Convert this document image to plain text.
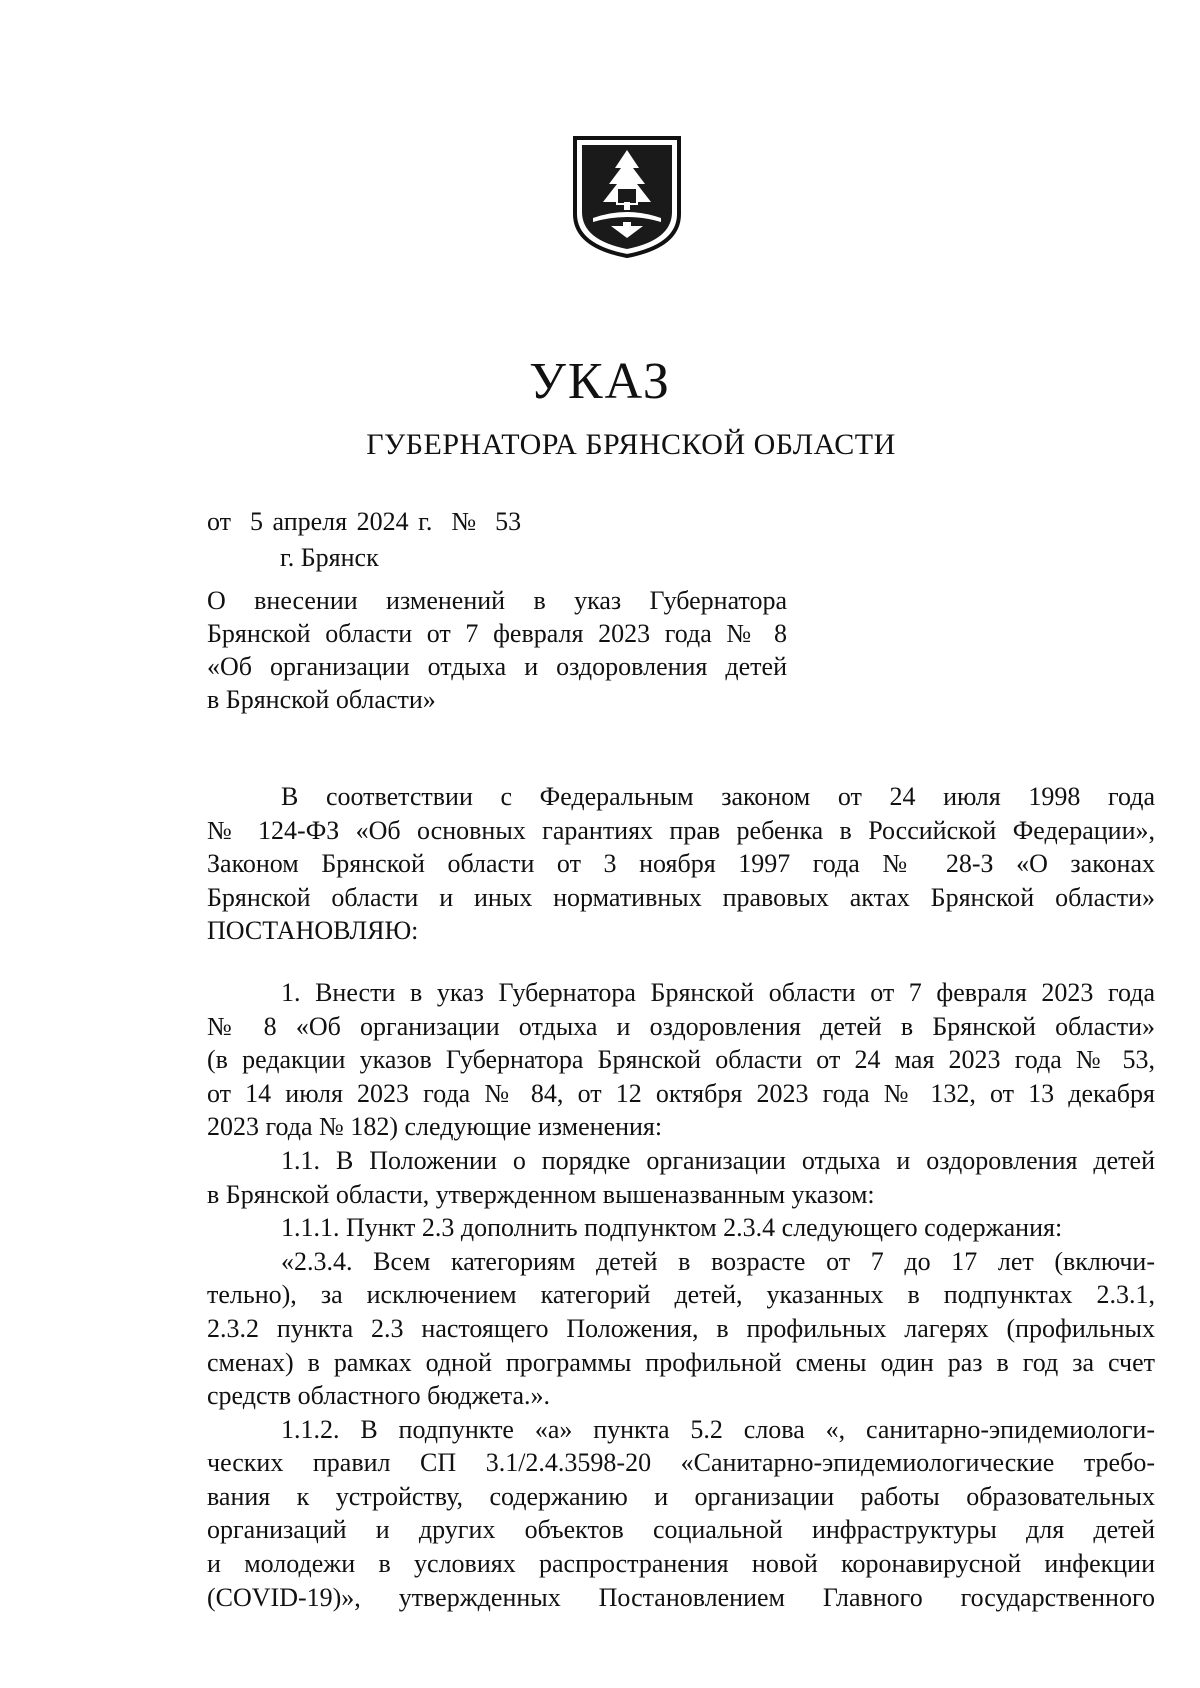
УКАЗ
ГУБЕРНАТОРА БРЯНСКОЙ ОБЛАСТИ
от  5 апреля 2024 г.  №  53
г. Брянск
О внесении изменений в указ Губернатора
Брянской области от 7 февраля 2023 года № 8
«Об организации отдыха и оздоровления детей
в Брянской области»
В соответствии с Федеральным законом от 24 июля 1998 года
№ 124-ФЗ «Об основных гарантиях прав ребенка в Российской Федерации»,
Законом Брянской области от 3 ноября 1997 года № 28-З «О законах
Брянской области и иных нормативных правовых актах Брянской области»
ПОСТАНОВЛЯЮ:
1. Внести в указ Губернатора Брянской области от 7 февраля 2023 года
№ 8 «Об организации отдыха и оздоровления детей в Брянской области»
(в редакции указов Губернатора Брянской области от 24 мая 2023 года № 53,
от 14 июля 2023 года № 84, от 12 октября 2023 года № 132, от 13 декабря
2023 года № 182) следующие изменения:
1.1. В Положении о порядке организации отдыха и оздоровления детей
в Брянской области, утвержденном вышеназванным указом:
1.1.1. Пункт 2.3 дополнить подпунктом 2.3.4 следующего содержания:
«2.3.4. Всем категориям детей в возрасте от 7 до 17 лет (включи-
тельно), за исключением категорий детей, указанных в подпунктах 2.3.1,
2.3.2 пункта 2.3 настоящего Положения, в профильных лагерях (профильных
сменах) в рамках одной программы профильной смены один раз в год за счет
средств областного бюджета.».
1.1.2. В подпункте «а» пункта 5.2 слова «, санитарно-эпидемиологи-
ческих правил СП 3.1/2.4.3598-20 «Санитарно-эпидемиологические требо-
вания к устройству, содержанию и организации работы образовательных
организаций и других объектов социальной инфраструктуры для детей
и молодежи в условиях распространения новой коронавирусной инфекции
(COVID-19)», утвержденных Постановлением Главного государственного
